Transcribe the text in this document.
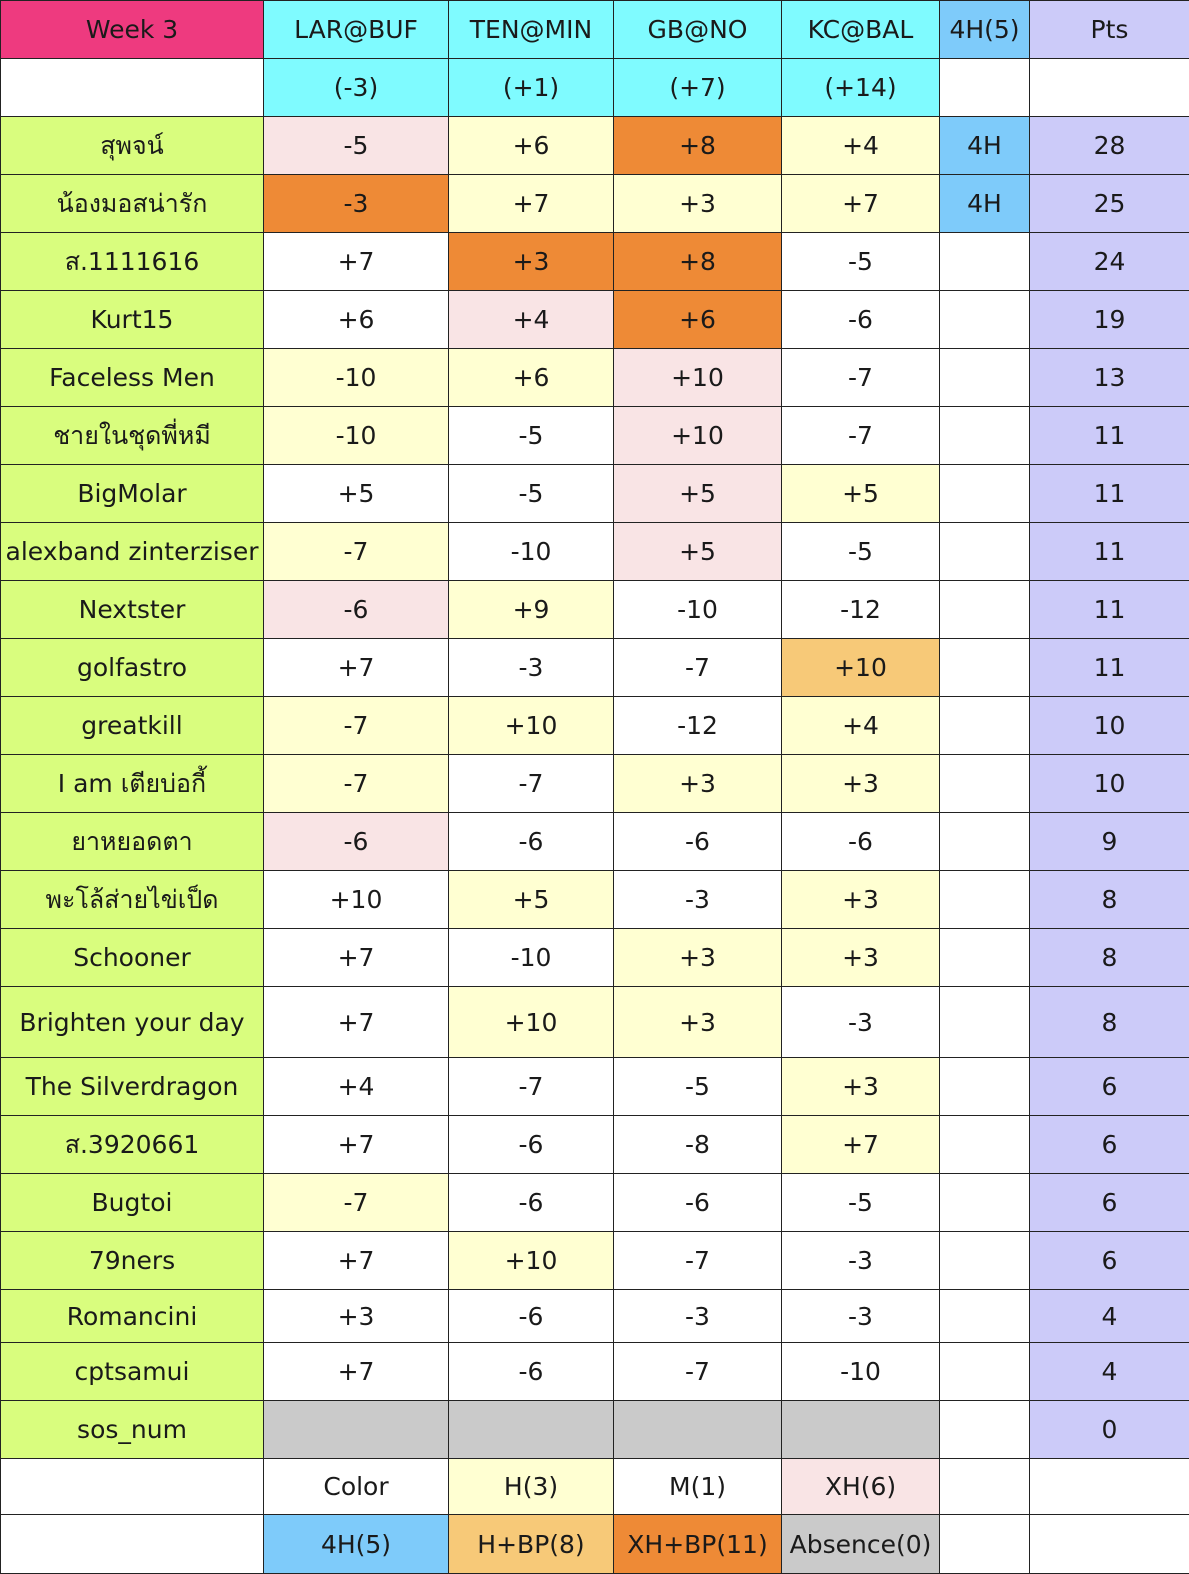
Week 3	LAR@BUF	TEN@MIN	GB@NO	KC@BAL	4H(5)	Pts
	(-3)	(+1)	(+7)	(+14)		
สุพจน์	-5	+6	+8	+4	4H	28
น้องมอสน่ารัก	-3	+7	+3	+7	4H	25
ส.1111616	+7	+3	+8	-5		24
Kurt15	+6	+4	+6	-6		19
Faceless Men	-10	+6	+10	-7		13
ชายในชุดพี่หมี	-10	-5	+10	-7		11
BigMolar	+5	-5	+5	+5		11
alexband zinterziser	-7	-10	+5	-5		11
Nextster	-6	+9	-10	-12		11
golfastro	+7	-3	-7	+10		11
greatkill	-7	+10	-12	+4		10
I am เตียบ่อกี้	-7	-7	+3	+3		10
ยาหยอดตา	-6	-6	-6	-6		9
พะโล้ส่ายไข่เป็ด	+10	+5	-3	+3		8
Schooner	+7	-10	+3	+3		8
Brighten your day	+7	+10	+3	-3		8
The Silverdragon	+4	-7	-5	+3		6
ส.3920661	+7	-6	-8	+7		6
Bugtoi	-7	-6	-6	-5		6
79ners	+7	+10	-7	-3		6
Romancini	+3	-6	-3	-3		4
cptsamui	+7	-6	-7	-10		4
sos_num						0
	Color	H(3)	M(1)	XH(6)		
	4H(5)	H+BP(8)	XH+BP(11)	Absence(0)		
